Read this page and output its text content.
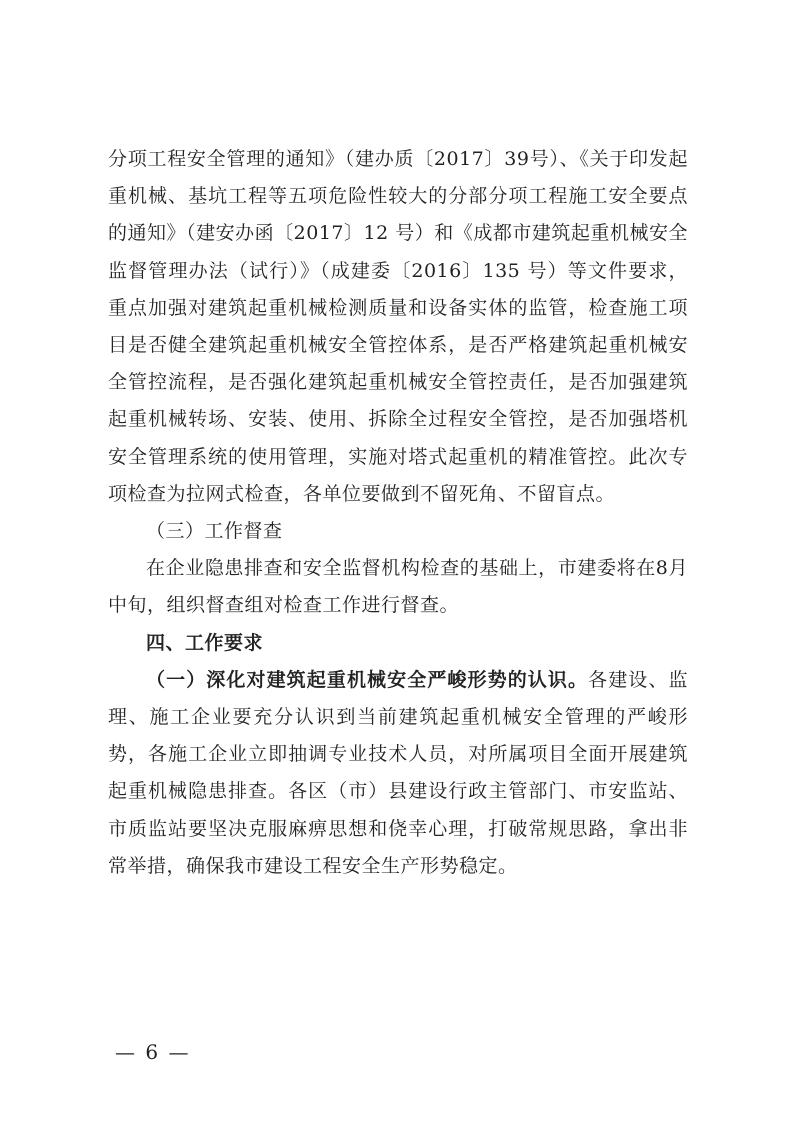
分项工程安全管理的通知》（建办质〔2017〕39号）、《关于印发起重机械、基坑工程等五项危险性较大的分部分项工程施工安全要点的通知》（建安办函〔2017〕12 号）和《成都市建筑起重机械安全监督管理办法（试行）》（成建委〔2016〕135 号）等文件要求，重点加强对建筑起重机械检测质量和设备实体的监管，检查施工项目是否健全建筑起重机械安全管控体系，是否严格建筑起重机械安全管控流程，是否强化建筑起重机械安全管控责任，是否加强建筑起重机械转场、安装、使用、拆除全过程安全管控，是否加强塔机安全管理系统的使用管理，实施对塔式起重机的精准管控。此次专项检查为拉网式检查，各单位要做到不留死角、不留盲点。

（三）工作督查

在企业隐患排查和安全监督机构检查的基础上，市建委将在8月中旬，组织督查组对检查工作进行督查。

四、工作要求

（一）深化对建筑起重机械安全严峻形势的认识。各建设、监理、施工企业要充分认识到当前建筑起重机械安全管理的严峻形势，各施工企业立即抽调专业技术人员，对所属项目全面开展建筑起重机械隐患排查。各区（市）县建设行政主管部门、市安监站、市质监站要坚决克服麻痹思想和侥幸心理，打破常规思路，拿出非常举措，确保我市建设工程安全生产形势稳定。

— 6 —
